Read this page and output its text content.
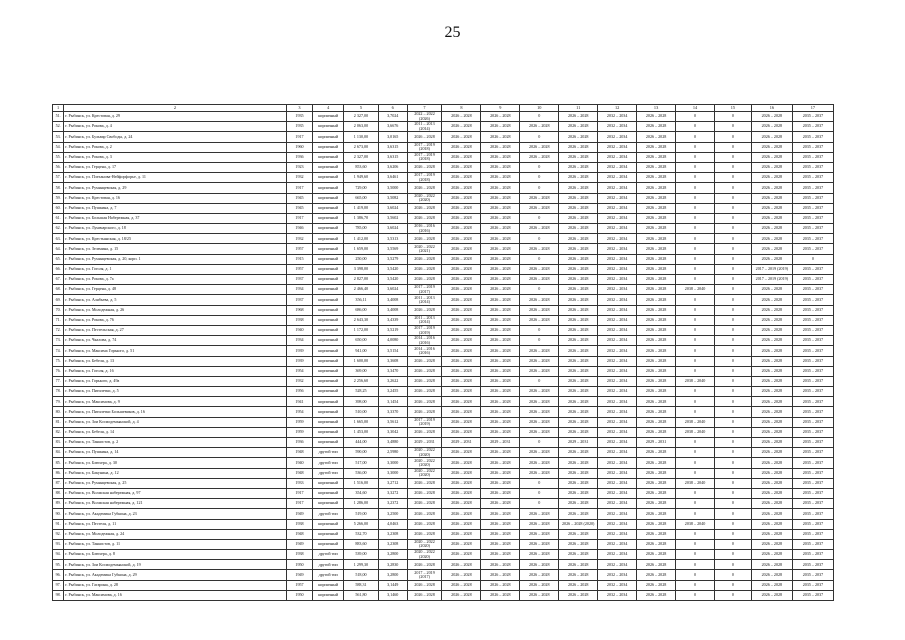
25
1	2	3	4	5	6	7	8	9	10	11	12	13	14	15	16	17
51.	г. Рыбинск, ул. Крестовая, д. 29	1935	кирпичный	2 327,00	3,7024	2022 – 2022 (2026)	2026 – 2028	2026 – 2028	0	2026 – 2028	2032 – 2034	2026 – 2028	0	0	2026 – 2028	2035 – 2037
52.	г. Рыбинск, ул. Рокова, д. 4	1935	кирпичный	2 063,00	3,6676	2011 – 2013 (2014)	2026 – 2028	2026 – 2028	2026 – 2028	2026 – 2028	2032 – 2034	2026 – 2028	0	0	2026 – 2028	2035 – 2037
53.	г. Рыбинск, ул. Бульвар Свободы, д. 24	1917	кирпичный	1 130,00	3,0165	2026 – 2028	2026 – 2028	2026 – 2028	0	2026 – 2028	2032 – 2034	2026 – 2028	0	0	2026 – 2028	2035 – 2037
54.	г. Рыбинск, ул. Рокова, д. 2	1960	кирпичный	2 673,00	3,6315	2017 – 2019 (2018)	2026 – 2028	2026 – 2028	2026 – 2028	2026 – 2028	2032 – 2034	2026 – 2028	0	0	2026 – 2028	2035 – 2037
55.	г. Рыбинск, ул. Рокова, д. 3	1936	кирпичный	2 327,00	3,6315	2017 – 2019 (2018)	2026 – 2028	2026 – 2028	2026 – 2028	2026 – 2028	2032 – 2034	2026 – 2028	0	0	2026 – 2028	2035 – 2037
56.	г. Рыбинск, ул. Герцена, д. 17	1923	кирпичный	853,60	3,6206	2026 – 2028	2026 – 2028	2026 – 2028	0	2026 – 2028	2032 – 2034	2026 – 2028	0	0	2026 – 2028	2035 – 2037
57.	г. Рыбинск, ул. Плеханова-Нейфорфорье, д. 11	1932	кирпичный	1 949,60	3,6461	2017 – 2019 (2018)	2026 – 2028	2026 – 2028	0	2026 – 2028	2032 – 2034	2026 – 2028	0	0	2026 – 2028	2035 – 2037
58.	г. Рыбинск, ул. Румянцевская, д. 29	1917	кирпичный	729,00	3,5000	2026 – 2028	2026 – 2028	2026 – 2028	0	2026 – 2028	2032 – 2034	2026 – 2028	0	0	2026 – 2028	2035 – 2037
59.	г. Рыбинск, ул. Крестовая, д. 16	1945	кирпичный	665,00	3,5082	2020 – 2022 (2020)	2026 – 2028	2026 – 2028	2026 – 2028	2026 – 2028	2032 – 2034	2026 – 2028	0	0	2026 – 2028	2035 – 2037
60.	г. Рыбинск, ул. Пушкина, д. 7	1945	кирпичный	1 419,00	3,6024	2026 – 2028	2026 – 2028	2026 – 2028	2026 – 2028	2026 – 2028	2032 – 2034	2026 – 2028	0	0	2026 – 2028	2035 – 2037
61.	г. Рыбинск, ул. Большая Набережная, д. 37	1917	кирпичный	1 386,70	3,5602	2026 – 2028	2026 – 2028	2026 – 2028	0	2026 – 2028	2032 – 2034	2026 – 2028	0	0	2026 – 2028	2035 – 2037
62.	г. Рыбинск, ул. Луначарского, д. 18	1946	кирпичный	785,00	3,6024	2016 – 2016 (2016)	2026 – 2028	2026 – 2028	2026 – 2028	2026 – 2028	2032 – 2034	2026 – 2028	0	0	2026 – 2028	2035 – 2037
63.	г. Рыбинск, ул. Крестьянская, д. 18/25	1932	кирпичный	1 412,00	3,5313	2026 – 2028	2026 – 2028	2026 – 2028	0	2026 – 2028	2032 – 2034	2026 – 2028	0	0	2026 – 2028	2035 – 2037
64.	г. Рыбинск, ул. Зеленина, д. 15	1957	кирпичный	1 659,00	3,5569	2020 – 2022 (2021)	2026 – 2028	2026 – 2028	2026 – 2028	2026 – 2028	2032 – 2034	2026 – 2028	0	0	2026 – 2028	2035 – 2037
65.	г. Рыбинск, ул. Румянцевская, д. 20, корп. 1	1915	кирпичный	250,00	3,5279	2026 – 2028	2026 – 2028	2026 – 2028	0	2026 – 2028	2032 – 2034	2026 – 2028	0	0	2026 – 2028	0
66.	г. Рыбинск, ул. Гоголя, д. 1	1957	кирпичный	3 398,00	3,5420	2026 – 2028	2026 – 2028	2026 – 2028	2026 – 2028	2026 – 2028	2032 – 2034	2026 – 2028	0	0	2017 – 2019 (2019)	2035 – 2037
67.	г. Рыбинск, ул. Рокова, д. 7а	1937	кирпичный	2 827,00	3,5420	2026 – 2028	2026 – 2028	2026 – 2028	2026 – 2028	2026 – 2028	2032 – 2034	2026 – 2028	0	0	2017 – 2019 (2019)	2035 – 2037
68.	г. Рыбинск, ул. Герцена, д. 48	1934	кирпичный	2 466,40	3,6024	2017 – 2019 (2017)	2026 – 2028	2026 – 2028	0	2026 – 2028	2032 – 2034	2026 – 2028	2038 – 2040	0	2026 – 2028	2035 – 2037
69.	г. Рыбинск, ул. Алябьева, д. 5	1937	кирпичный	356,11	3,4008	2011 – 2013 (2014)	2026 – 2028	2026 – 2028	2026 – 2028	2026 – 2028	2032 – 2034	2026 – 2028	0	0	2026 – 2028	2035 – 2037
70.	г. Рыбинск, ул. Молодежная, д. 26	1968	кирпичный	686,00	3,4008	2026 – 2028	2026 – 2028	2026 – 2028	2026 – 2028	2026 – 2028	2032 – 2034	2026 – 2028	0	0	2026 – 2028	2035 – 2037
71.	г. Рыбинск, ул. Рокова, д. 76	1938	кирпичный	2 643,30	3,4339	2011 – 2013 (2014)	2026 – 2028	2026 – 2028	2026 – 2028	2026 – 2028	2032 – 2034	2026 – 2028	0	0	2026 – 2028	2035 – 2037
72.	г. Рыбинск, ул. Пестельская, д. 27	1940	кирпичный	1 172,00	3,5219	2017 – 2019 (2019)	2026 – 2028	2026 – 2028	0	2026 – 2028	2032 – 2034	2026 – 2028	0	0	2026 – 2028	2035 – 2037
73.	г. Рыбинск, ул. Чкалова, д. 74	1934	кирпичный	650,00	4,0080	2014 – 2016 (2016)	2026 – 2028	2026 – 2028	0	2026 – 2028	2032 – 2034	2026 – 2028	0	0	2026 – 2028	2035 – 2037
74.	г. Рыбинск, ул. Максима Горького, д. 51	1939	кирпичный	941,00	3,5154	2014 – 2016 (2016)	2026 – 2028	2026 – 2028	2026 – 2028	2026 – 2028	2032 – 2034	2026 – 2028	0	0	2026 – 2028	2035 – 2037
75.	г. Рыбинск, ул. Бебеля, д. 13	1939	кирпичный	1 600,00	3,3608	2026 – 2028	2026 – 2028	2026 – 2028	2026 – 2028	2026 – 2028	2032 – 2034	2026 – 2028	0	0	2026 – 2028	2035 – 2037
76.	г. Рыбинск, ул. Гоголя, д. 16	1954	кирпичный	369,00	3,3470	2026 – 2028	2026 – 2028	2026 – 2028	2026 – 2028	2026 – 2028	2032 – 2034	2026 – 2028	0	0	2026 – 2028	2035 – 2037
77.	г. Рыбинск, ул. Горького, д. 49а	1932	кирпичный	2 256,60	3,2622	2026 – 2028	2026 – 2028	2026 – 2028	0	2026 – 2028	2032 – 2034	2026 – 2028	2038 – 2040	0	2026 – 2028	2035 – 2037
78.	г. Рыбинск, ул. Пятилетки, д. 5	1956	кирпичный	528,25	3,2455	2026 – 2028	2026 – 2028	2026 – 2028	2026 – 2028	2026 – 2028	2032 – 2034	2026 – 2028	0	0	2026 – 2028	2035 – 2037
79.	г. Рыбинск, ул. Максимова, д. 9	1941	кирпичный	398,00	3,1454	2026 – 2028	2026 – 2028	2026 – 2028	2026 – 2028	2026 – 2028	2032 – 2034	2026 – 2028	0	0	2026 – 2028	2035 – 2037
80.	г. Рыбинск, ул. Пятилетки Большевиков, д. 16	1954	кирпичный	510,00	3,3370	2026 – 2028	2026 – 2028	2026 – 2028	2026 – 2028	2026 – 2028	2032 – 2034	2026 – 2028	0	0	2026 – 2028	2035 – 2037
81.	г. Рыбинск, ул. Зои Космодемьянской, д. 4	1959	кирпичный	1 665,00	3,5612	2017 – 2019 (2019)	2026 – 2028	2026 – 2028	2026 – 2028	2026 – 2028	2032 – 2034	2026 – 2028	2038 – 2040	0	2026 – 2028	2035 – 2037
82.	г. Рыбинск, ул. Бебеля, д. 14	1959	кирпичный	1 453,00	3,3042	2026 – 2028	2026 – 2028	2026 – 2028	2026 – 2028	2026 – 2028	2032 – 2034	2026 – 2028	2038 – 2040	0	2026 – 2028	2035 – 2037
83.	г. Рыбинск, ул. Танкистов, д. 2	1936	кирпичный	444,00	3,4880	2029 – 2031	2029 – 2031	2029 – 2031	0	2029 – 2031	2032 – 2034	2029 – 2031	0	0	2026 – 2028	2035 – 2037
84.	г. Рыбинск, ул. Пушкина, д. 14	1948	другой тип	590,00	2,5980	2020 – 2022 (2020)	2026 – 2028	2026 – 2028	2026 – 2028	2026 – 2028	2032 – 2034	2026 – 2028	0	0	2026 – 2028	2035 – 2037
85.	г. Рыбинск, ул. Блюхера, д. 30	1940	другой тип	517,00	3,3000	2020 – 2022 (2020)	2026 – 2028	2026 – 2028	2026 – 2028	2026 – 2028	2032 – 2034	2026 – 2028	0	0	2026 – 2028	2035 – 2037
86.	г. Рыбинск, ул. Бакунина, д. 12	1948	другой тип	536,00	3,3000	2020 – 2022 (2020)	2026 – 2028	2026 – 2028	2026 – 2028	2026 – 2028	2032 – 2034	2026 – 2028	0	0	2026 – 2028	2035 – 2037
87.	г. Рыбинск, ул. Румянцевская, д. 25	1933	кирпичный	1 516,00	3,2712	2026 – 2028	2026 – 2028	2026 – 2028	0	2026 – 2028	2032 – 2034	2026 – 2028	2038 – 2040	0	2026 – 2028	2035 – 2037
88.	г. Рыбинск, ул. Волжская набережная, д. 97	1917	кирпичный	354,60	3,3272	2026 – 2028	2026 – 2028	2026 – 2028	0	2026 – 2028	2032 – 2034	2026 – 2028	0	0	2026 – 2028	2035 – 2037
89.	г. Рыбинск, ул. Волжская набережная, д. 121	1917	кирпичный	1 286,00	3,2372	2026 – 2028	2026 – 2028	2026 – 2028	0	2026 – 2028	2032 – 2034	2026 – 2028	0	0	2026 – 2028	2035 – 2037
90.	г. Рыбинск, ул. Академика Губкина, д. 23	1949	другой тип	519,00	3,2500	2026 – 2028	2026 – 2028	2026 – 2028	2026 – 2028	2026 – 2028	2032 – 2034	2026 – 2028	0	0	2026 – 2028	2035 – 2037
91.	г. Рыбинск, ул. Пестеля, д. 11	1938	кирпичный	5 266,00	4,0463	2026 – 2028	2026 – 2028	2026 – 2028	2026 – 2028	2026 – 2028 (2020)	2032 – 2034	2026 – 2028	2038 – 2040	0	2026 – 2028	2035 – 2037
92.	г. Рыбинск, ул. Молодежная, д. 24	1948	кирпичный	532,70	3,2308	2026 – 2028	2026 – 2028	2026 – 2028	2026 – 2028	2026 – 2028	2032 – 2034	2026 – 2028	0	0	2026 – 2028	2035 – 2037
93.	г. Рыбинск, ул. Танкистов, д. 11	1949	кирпичный	883,60	3,2308	2020 – 2022 (2020)	2026 – 2028	2026 – 2028	2026 – 2028	2026 – 2028	2032 – 2034	2026 – 2028	0	0	2026 – 2028	2035 – 2037
94.	г. Рыбинск, ул. Блюхера, д. 8	1938	другой тип	539,00	3,2800	2020 – 2022 (2020)	2026 – 2028	2026 – 2028	2026 – 2028	2026 – 2028	2032 – 2034	2026 – 2028	0	0	2026 – 2028	2035 – 2037
95.	г. Рыбинск, ул. Зои Космодемьянской, д. 19	1950	другой тип	1 299,30	3,2830	2026 – 2028	2026 – 2028	2026 – 2028	2026 – 2028	2026 – 2028	2032 – 2034	2026 – 2028	0	0	2026 – 2028	2035 – 2037
96.	г. Рыбинск, ул. Академика Губкина, д. 29	1949	другой тип	518,00	3,2800	2017 – 2019 (2017)	2026 – 2028	2026 – 2028	2026 – 2028	2026 – 2028	2032 – 2034	2026 – 2028	0	0	2026 – 2028	2035 – 2037
97.	г. Рыбинск, ул. Гагарина, д. 28	1957	кирпичный	588,31	3,1449	2026 – 2028	2026 – 2028	2026 – 2028	2026 – 2028	2026 – 2028	2032 – 2034	2026 – 2028	0	0	2026 – 2028	2035 – 2037
98.	г. Рыбинск, ул. Максимова, д. 16	1950	кирпичный	561,80	3,1460	2026 – 2028	2026 – 2028	2026 – 2028	2026 – 2028	2026 – 2028	2032 – 2034	2026 – 2028	0	0	2026 – 2028	2035 – 2037
